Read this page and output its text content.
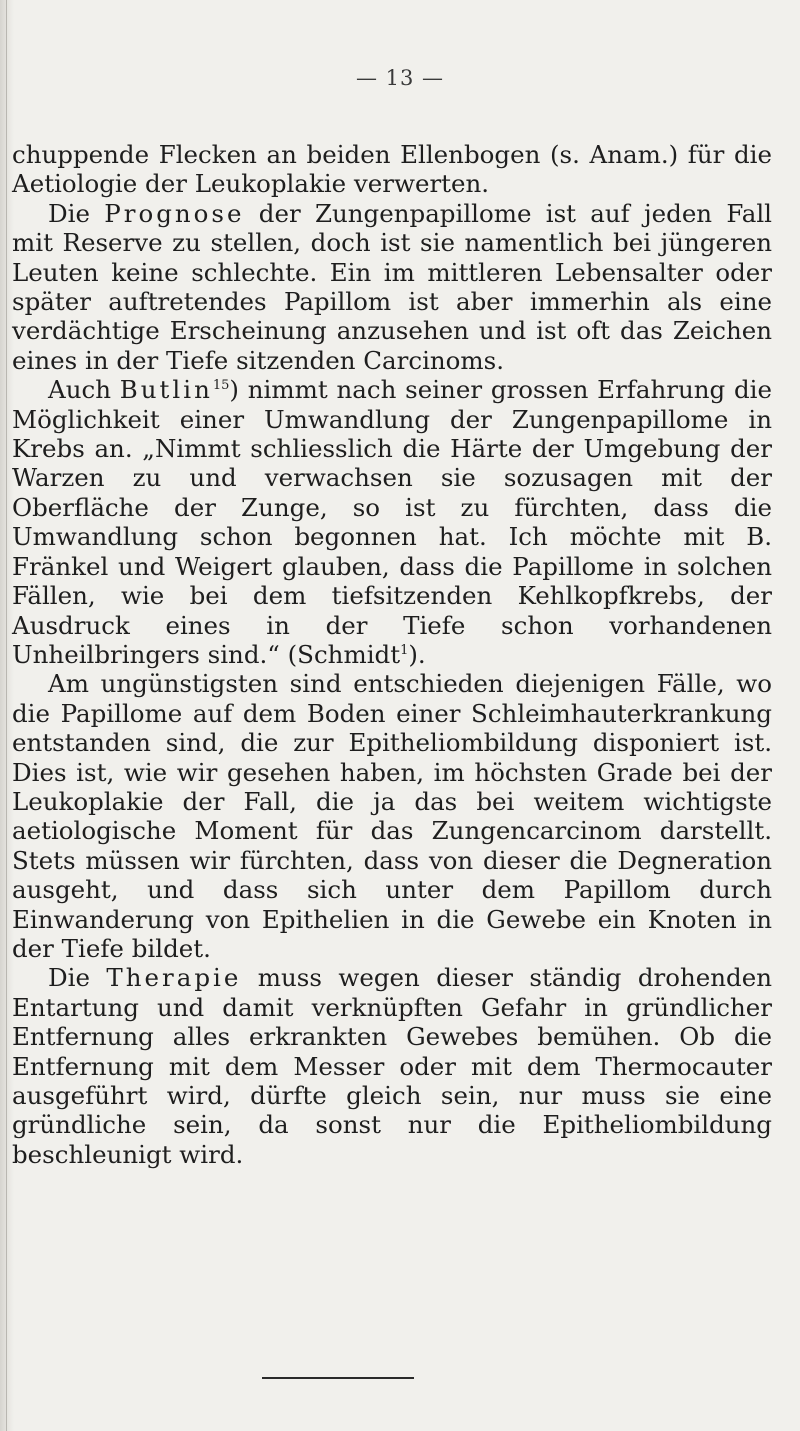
— 13 —

chuppende Flecken an beiden Ellenbogen (s. Anam.) für die Aetiologie der Leukoplakie verwerten.

Die Prognose der Zungenpapillome ist auf jeden Fall mit Reserve zu stellen, doch ist sie namentlich bei jüngeren Leuten keine schlechte. Ein im mittleren Lebensalter oder später auftretendes Papillom ist aber immerhin als eine verdächtige Erscheinung anzusehen und ist oft das Zeichen eines in der Tiefe sitzenden Carcinoms.

Auch Butlin$^{15}$) nimmt nach seiner grossen Erfahrung die Möglichkeit einer Umwandlung der Zungenpapillome in Krebs an. „Nimmt schliesslich die Härte der Umgebung der Warzen zu und verwachsen sie sozusagen mit der Oberfläche der Zunge, so ist zu fürchten, dass die Umwandlung schon begonnen hat. Ich möchte mit B. Fränkel und Weigert glauben, dass die Papillome in solchen Fällen, wie bei dem tiefsitzenden Kehlkopfkrebs, der Ausdruck eines in der Tiefe schon vorhandenen Unheilbringers sind.“ (Schmidt$^1$).

Am ungünstigsten sind entschieden diejenigen Fälle, wo die Papillome auf dem Boden einer Schleimhauterkrankung entstanden sind, die zur Epitheliombildung disponiert ist. Dies ist, wie wir gesehen haben, im höchsten Grade bei der Leukoplakie der Fall, die ja das bei weitem wichtigste aetiologische Moment für das Zungencarcinom darstellt. Stets müssen wir fürchten, dass von dieser die Degneration ausgeht, und dass sich unter dem Papillom durch Einwanderung von Epithelien in die Gewebe ein Knoten in der Tiefe bildet.

Die Therapie muss wegen dieser ständig drohenden Entartung und damit verknüpften Gefahr in gründlicher Entfernung alles erkrankten Gewebes bemühen. Ob die Entfernung mit dem Messer oder mit dem Thermocauter ausgeführt wird, dürfte gleich sein, nur muss sie eine gründliche sein, da sonst nur die Epitheliombildung beschleunigt wird.
